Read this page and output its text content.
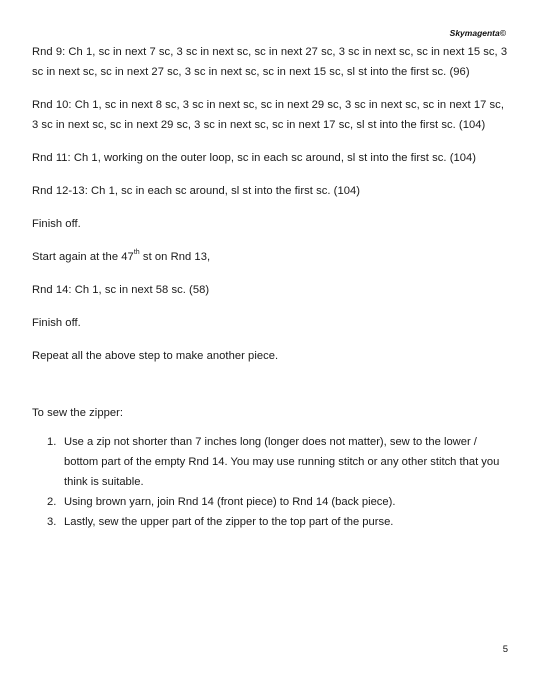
Skymagenta©

Rnd 9: Ch 1, sc in next 7 sc, 3 sc in next sc, sc in next 27 sc, 3 sc in next sc, sc in next 15 sc, 3 sc in next sc, sc in next 27 sc, 3 sc in next sc, sc in next 15 sc, sl st into the first sc. (96)

Rnd 10: Ch 1, sc in next 8 sc, 3 sc in next sc, sc in next 29 sc, 3 sc in next sc, sc in next 17 sc, 3 sc in next sc, sc in next 29 sc, 3 sc in next sc, sc in next 17 sc, sl st into the first sc. (104)

Rnd 11: Ch 1, working on the outer loop, sc in each sc around, sl st into the first sc. (104)

Rnd 12-13: Ch 1, sc in each sc around, sl st into the first sc. (104)

Finish off.

Start again at the 47th st on Rnd 13,

Rnd 14: Ch 1, sc in next 58 sc. (58)

Finish off.

Repeat all the above step to make another piece.

To sew the zipper:

1. Use a zip not shorter than 7 inches long (longer does not matter), sew to the lower / bottom part of the empty Rnd 14. You may use running stitch or any other stitch that you think is suitable.
2. Using brown yarn, join Rnd 14 (front piece) to Rnd 14 (back piece).
3. Lastly, sew the upper part of the zipper to the top part of the purse.
5
